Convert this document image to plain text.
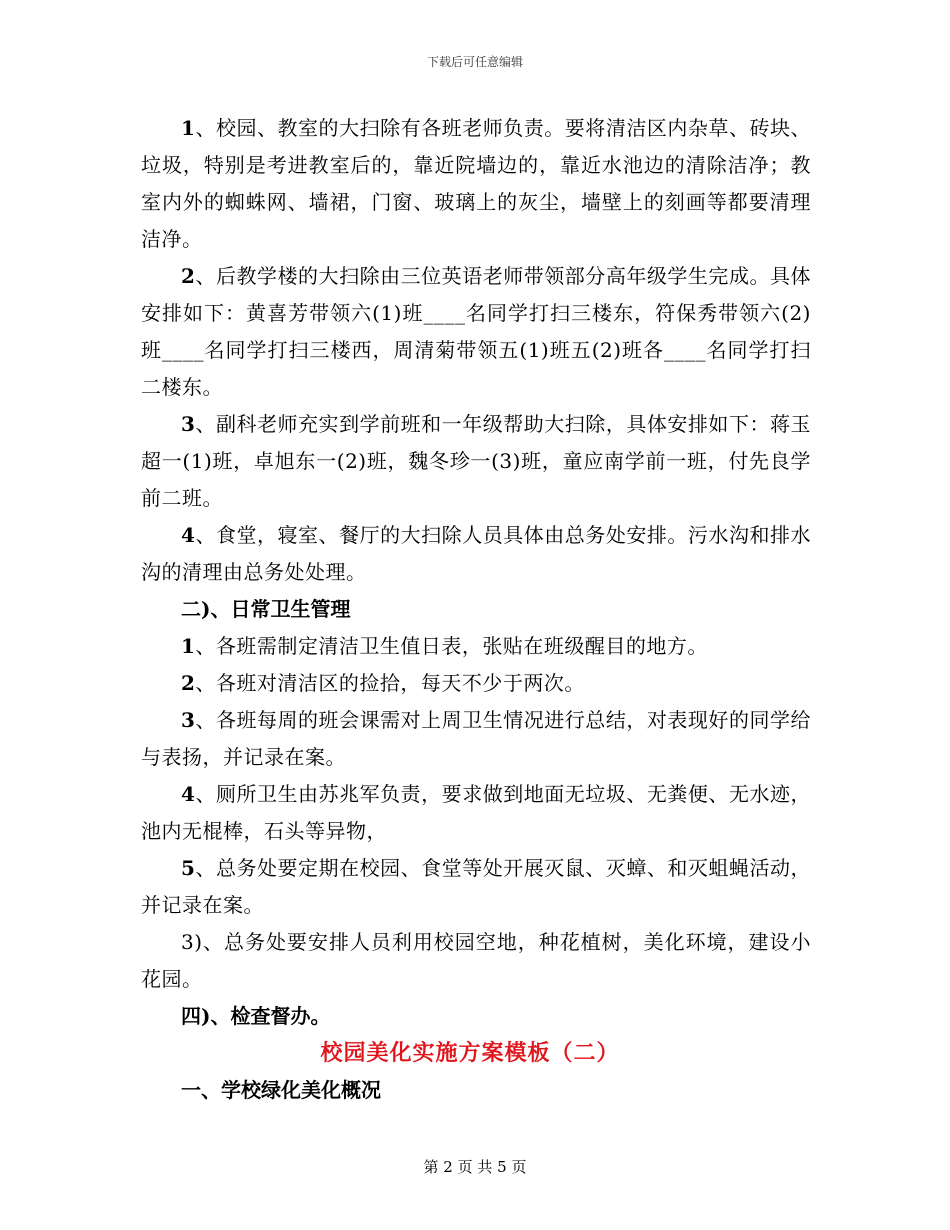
下载后可任意编辑

1、校园、教室的大扫除有各班老师负责。要将清洁区内杂草、砖块、垃圾，特别是考进教室后的，靠近院墙边的，靠近水池边的清除洁净；教室内外的蜘蛛网、墙裙，门窗、玻璃上的灰尘，墙壁上的刻画等都要清理洁净。

2、后教学楼的大扫除由三位英语老师带领部分高年级学生完成。具体安排如下：黄喜芳带领六(1)班____名同学打扫三楼东，符保秀带领六(2)班____名同学打扫三楼西，周清菊带领五(1)班五(2)班各____名同学打扫二楼东。

3、副科老师充实到学前班和一年级帮助大扫除，具体安排如下：蒋玉超一(1)班，卓旭东一(2)班，魏冬珍一(3)班，童应南学前一班，付先良学前二班。

4、食堂，寝室、餐厅的大扫除人员具体由总务处安排。污水沟和排水沟的清理由总务处处理。

二)、日常卫生管理

1、各班需制定清洁卫生值日表，张贴在班级醒目的地方。

2、各班对清洁区的捡拾，每天不少于两次。

3、各班每周的班会课需对上周卫生情况进行总结，对表现好的同学给与表扬，并记录在案。

4、厕所卫生由苏兆军负责，要求做到地面无垃圾、无粪便、无水迹，池内无棍棒，石头等异物，

5、总务处要定期在校园、食堂等处开展灭鼠、灭蟑、和灭蛆蝇活动，并记录在案。

3)、总务处要安排人员利用校园空地，种花植树，美化环境，建设小花园。

四)、检查督办。

校园美化实施方案模板（二）

一、学校绿化美化概况

第 2 页 共 5 页
